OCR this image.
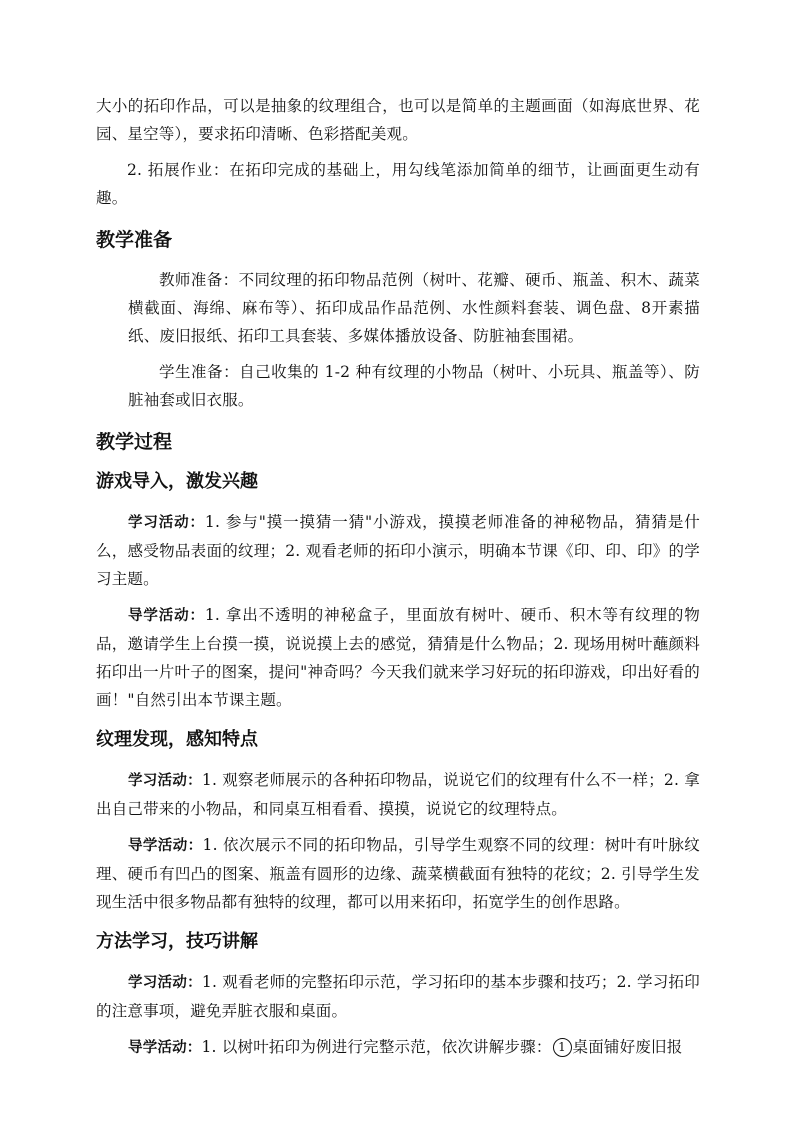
大小的拓印作品，可以是抽象的纹理组合，也可以是简单的主题画面（如海底世界、花园、星空等），要求拓印清晰、色彩搭配美观。

2. 拓展作业：在拓印完成的基础上，用勾线笔添加简单的细节，让画面更生动有趣。

教学准备

教师准备：不同纹理的拓印物品范例（树叶、花瓣、硬币、瓶盖、积木、蔬菜横截面、海绵、麻布等）、拓印成品作品范例、水性颜料套装、调色盘、8开素描纸、废旧报纸、拓印工具套装、多媒体播放设备、防脏袖套围裙。

学生准备：自己收集的 1-2 种有纹理的小物品（树叶、小玩具、瓶盖等）、防脏袖套或旧衣服。

教学过程
游戏导入，激发兴趣

学习活动：1. 参与"摸一摸猜一猜"小游戏，摸摸老师准备的神秘物品，猜猜是什么，感受物品表面的纹理；2. 观看老师的拓印小演示，明确本节课《印、印、印》的学习主题。

导学活动：1. 拿出不透明的神秘盒子，里面放有树叶、硬币、积木等有纹理的物品，邀请学生上台摸一摸，说说摸上去的感觉，猜猜是什么物品；2. 现场用树叶蘸颜料拓印出一片叶子的图案，提问"神奇吗？今天我们就来学习好玩的拓印游戏，印出好看的画！"自然引出本节课主题。

纹理发现，感知特点

学习活动：1. 观察老师展示的各种拓印物品，说说它们的纹理有什么不一样；2. 拿出自己带来的小物品，和同桌互相看看、摸摸，说说它的纹理特点。

导学活动：1. 依次展示不同的拓印物品，引导学生观察不同的纹理：树叶有叶脉纹理、硬币有凹凸的图案、瓶盖有圆形的边缘、蔬菜横截面有独特的花纹；2. 引导学生发现生活中很多物品都有独特的纹理，都可以用来拓印，拓宽学生的创作思路。

方法学习，技巧讲解

学习活动：1. 观看老师的完整拓印示范，学习拓印的基本步骤和技巧；2. 学习拓印的注意事项，避免弄脏衣服和桌面。

导学活动：1. 以树叶拓印为例进行完整示范，依次讲解步骤： 1 桌面铺好废旧报
